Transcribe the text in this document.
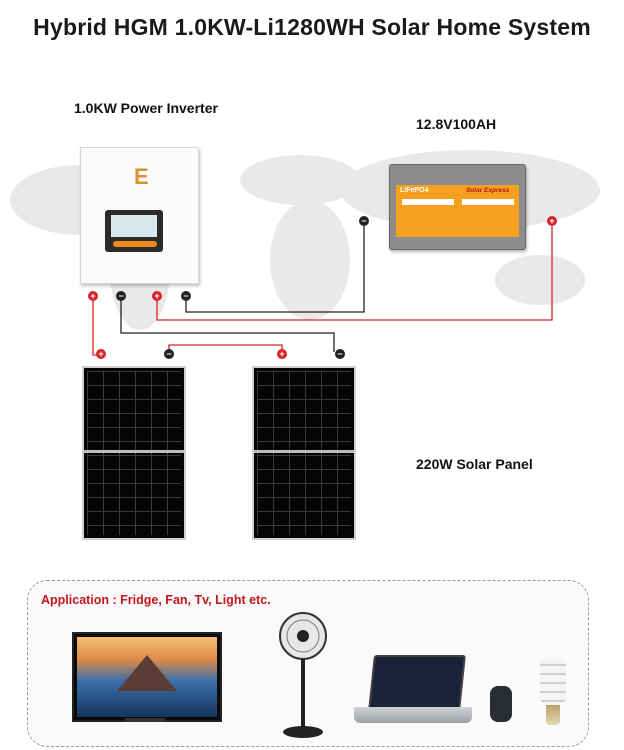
Hybrid HGM 1.0KW-Li1280WH Solar Home System
1.0KW Power Inverter
E
12.8V100AH
LiFePO4	Solar Express
+	−	+	−
−	+
+	−	+	−
220W Solar Panel
Application : Fridge, Fan, Tv, Light etc.
